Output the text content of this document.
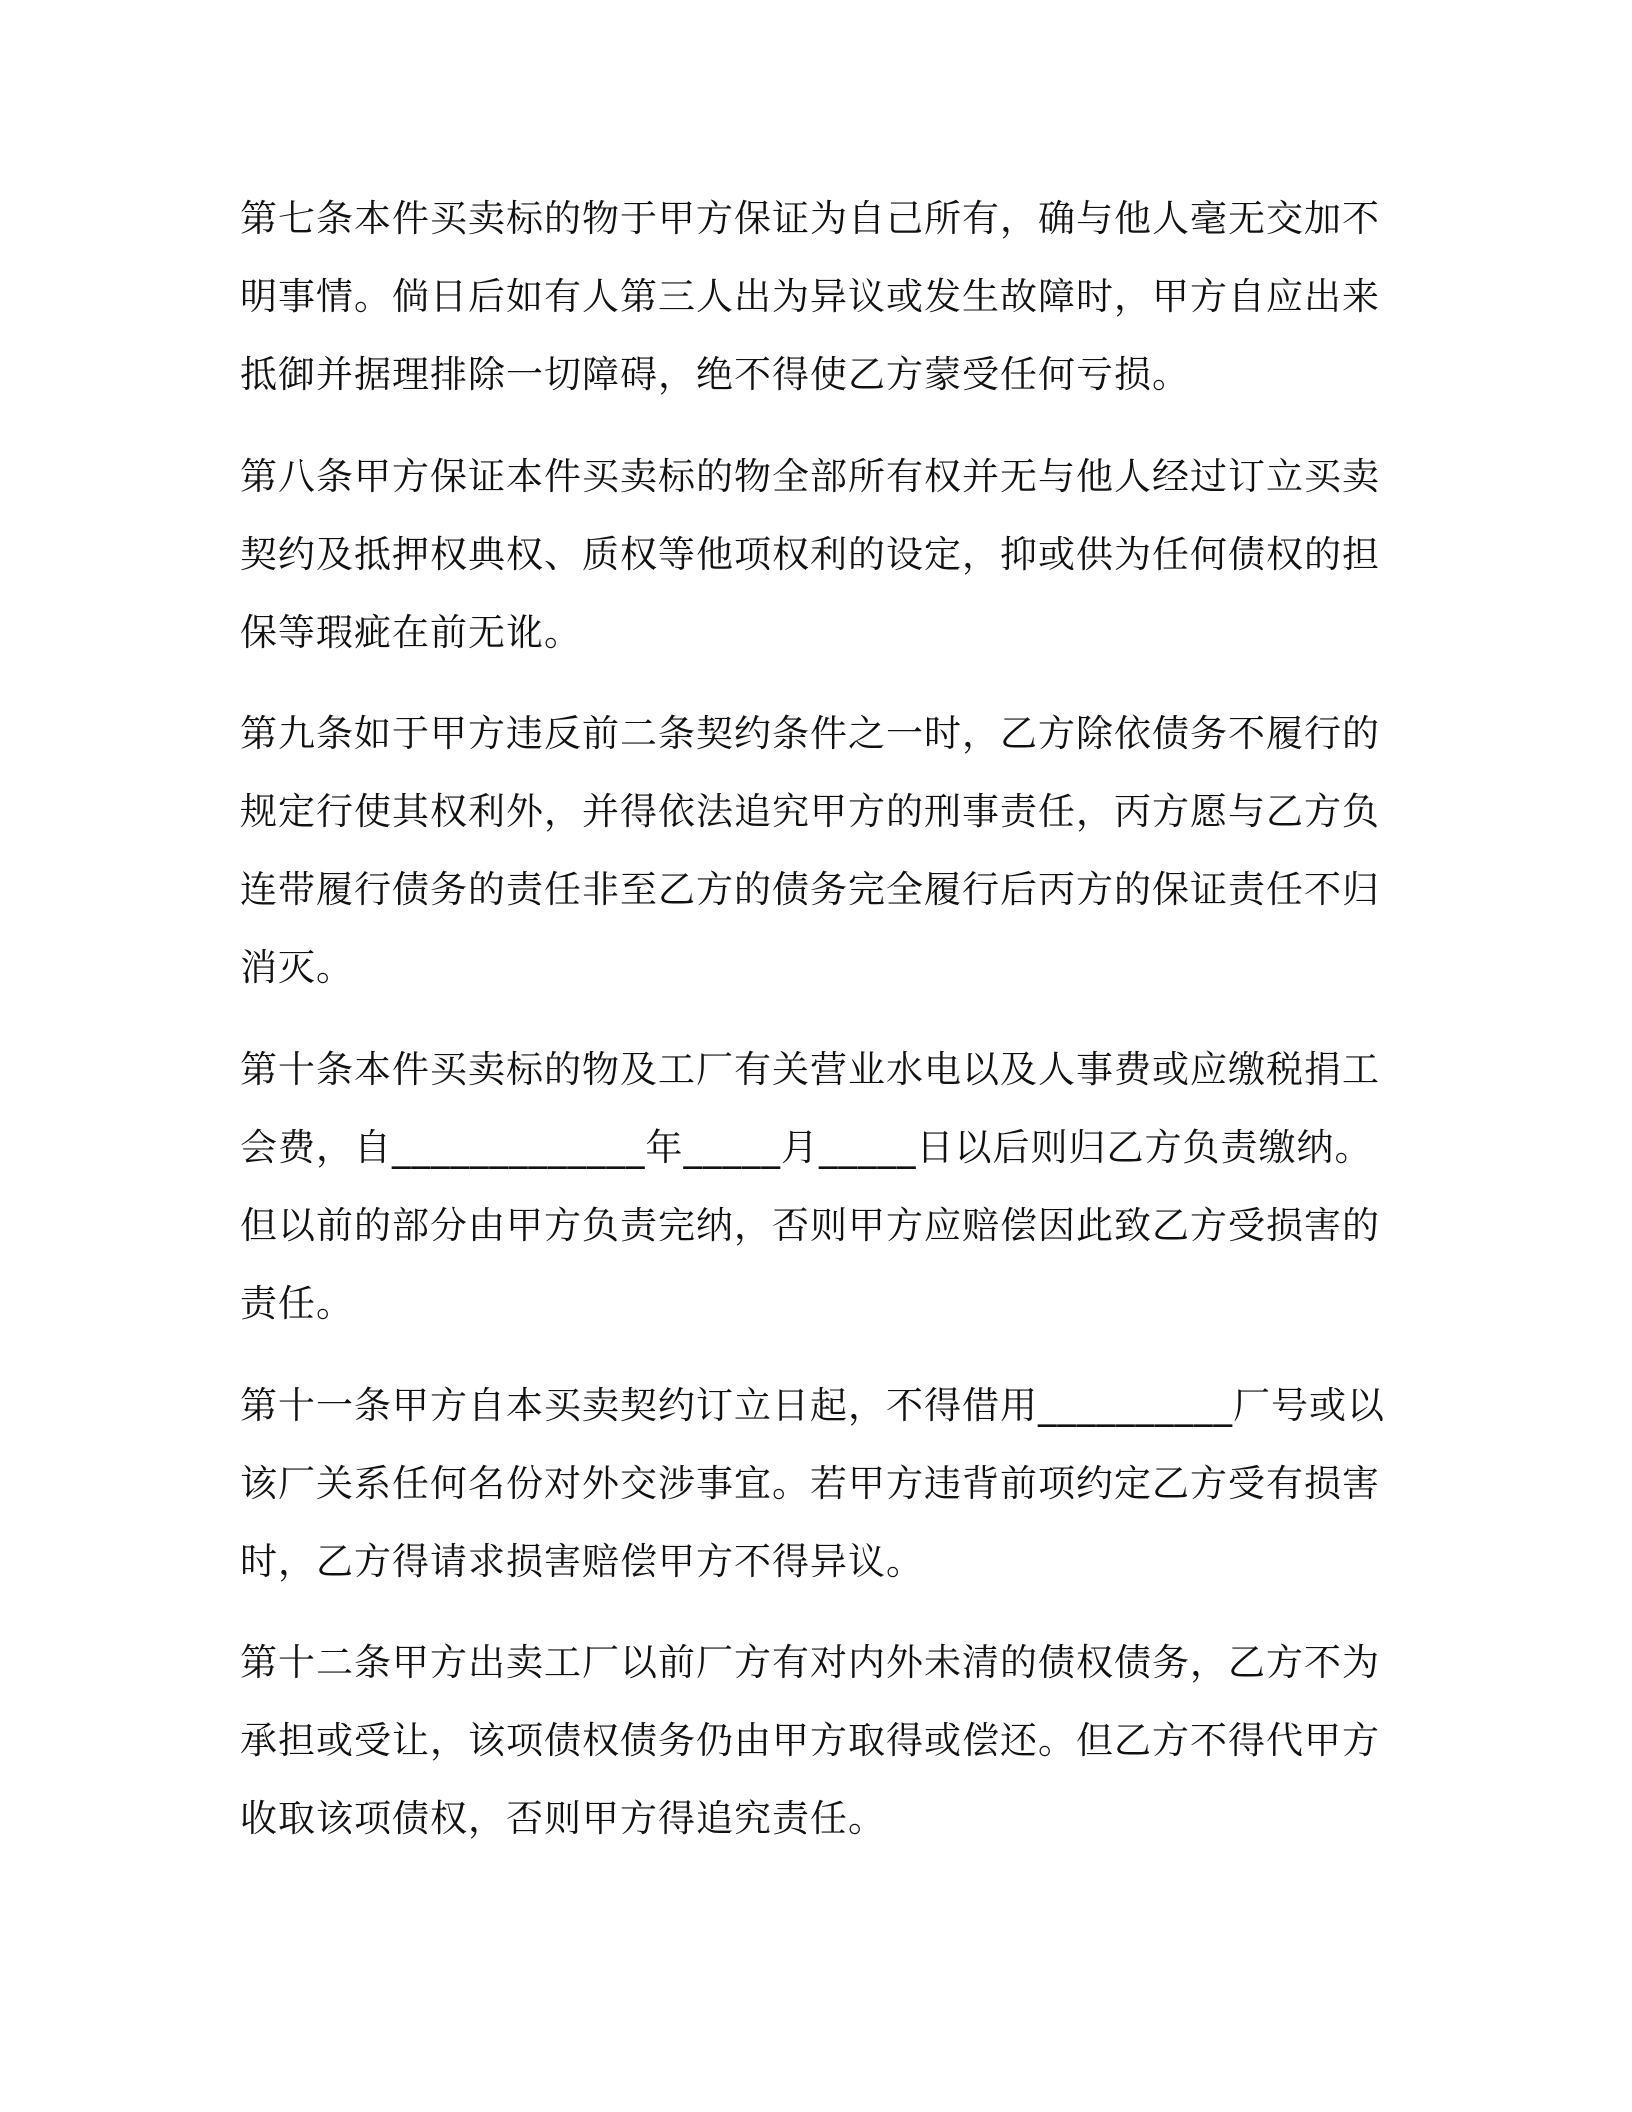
第七条本件买卖标的物于甲方保证为自己所有，确与他人毫无交加不
明事情。倘日后如有人第三人出为异议或发生故障时，甲方自应出来
抵御并据理排除一切障碍，绝不得使乙方蒙受任何亏损。

第八条甲方保证本件买卖标的物全部所有权并无与他人经过订立买卖
契约及抵押权典权、质权等他项权利的设定，抑或供为任何债权的担
保等瑕疵在前无讹。

第九条如于甲方违反前二条契约条件之一时，乙方除依债务不履行的
规定行使其权利外，并得依法追究甲方的刑事责任，丙方愿与乙方负
连带履行债务的责任非至乙方的债务完全履行后丙方的保证责任不归
消灭。

第十条本件买卖标的物及工厂有关营业水电以及人事费或应缴税捐工
会费，自_____________年_____月_____日以后则归乙方负责缴纳。
但以前的部分由甲方负责完纳，否则甲方应赔偿因此致乙方受损害的
责任。

第十一条甲方自本买卖契约订立日起，不得借用__________厂号或以
该厂关系任何名份对外交涉事宜。若甲方违背前项约定乙方受有损害
时，乙方得请求损害赔偿甲方不得异议。

第十二条甲方出卖工厂以前厂方有对内外未清的债权债务，乙方不为
承担或受让，该项债权债务仍由甲方取得或偿还。但乙方不得代甲方
收取该项债权，否则甲方得追究责任。
